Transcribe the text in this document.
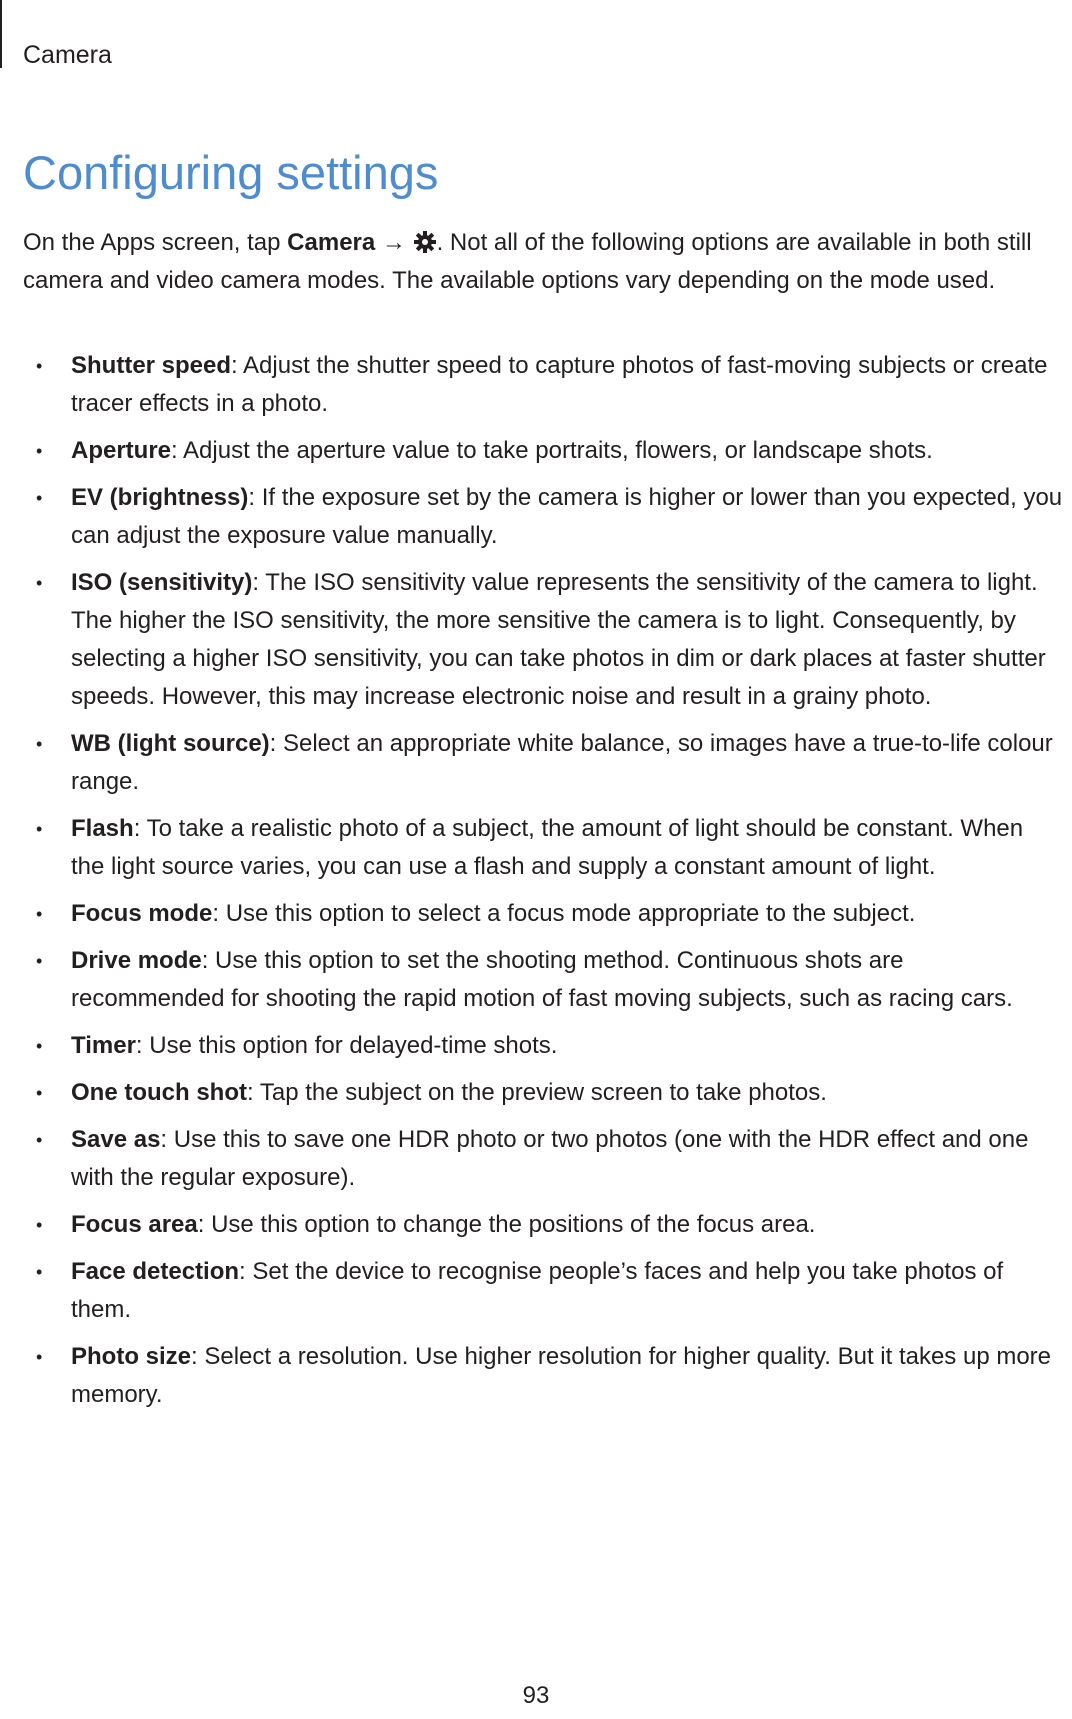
Camera
Configuring settings

On the Apps screen, tap Camera → . Not all of the following options are available in both still camera and video camera modes. The available options vary depending on the mode used.

• Shutter speed: Adjust the shutter speed to capture photos of fast-moving subjects or create tracer effects in a photo.
• Aperture: Adjust the aperture value to take portraits, flowers, or landscape shots.
• EV (brightness): If the exposure set by the camera is higher or lower than you expected, you can adjust the exposure value manually.
• ISO (sensitivity): The ISO sensitivity value represents the sensitivity of the camera to light. The higher the ISO sensitivity, the more sensitive the camera is to light. Consequently, by selecting a higher ISO sensitivity, you can take photos in dim or dark places at faster shutter speeds. However, this may increase electronic noise and result in a grainy photo.
• WB (light source): Select an appropriate white balance, so images have a true-to-life colour range.
• Flash: To take a realistic photo of a subject, the amount of light should be constant. When the light source varies, you can use a flash and supply a constant amount of light.
• Focus mode: Use this option to select a focus mode appropriate to the subject.
• Drive mode: Use this option to set the shooting method. Continuous shots are recommended for shooting the rapid motion of fast moving subjects, such as racing cars.
• Timer: Use this option for delayed-time shots.
• One touch shot: Tap the subject on the preview screen to take photos.
• Save as: Use this to save one HDR photo or two photos (one with the HDR effect and one with the regular exposure).
• Focus area: Use this option to change the positions of the focus area.
• Face detection: Set the device to recognise people’s faces and help you take photos of them.
• Photo size: Select a resolution. Use higher resolution for higher quality. But it takes up more memory.
93
